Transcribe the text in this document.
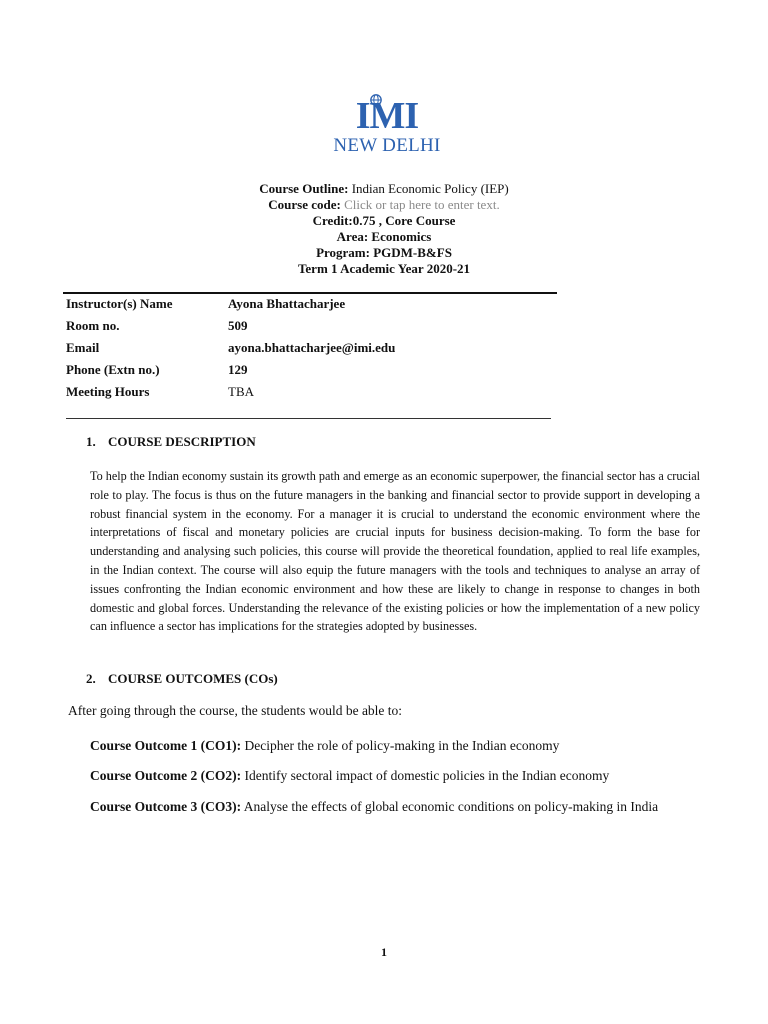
IMI
NEW DELHI
Course Outline: Indian Economic Policy (IEP)
Course code: Click or tap here to enter text.
Credit:0.75 , Core Course
Area: Economics
Program: PGDM-B&FS
Term 1 Academic Year 2020-21
Instructor(s) Name	Ayona Bhattacharjee
Room no.	509
Email	ayona.bhattacharjee@imi.edu
Phone (Extn no.)	129
Meeting Hours	TBA
1. COURSE DESCRIPTION

To help the Indian economy sustain its growth path and emerge as an economic superpower, the financial sector has a crucial role to play. The focus is thus on the future managers in the banking and financial sector to provide support in developing a robust financial system in the economy. For a manager it is crucial to understand the economic environment where the interpretations of fiscal and monetary policies are crucial inputs for business decision-making. To form the base for understanding and analysing such policies, this course will provide the theoretical foundation, applied to real life examples, in the Indian context. The course will also equip the future managers with the tools and techniques to analyse an array of issues confronting the Indian economic environment and how these are likely to change in response to changes in both domestic and global forces. Understanding the relevance of the existing policies or how the implementation of a new policy can influence a sector has implications for the strategies adopted by businesses.

2. COURSE OUTCOMES (COs)
After going through the course, the students would be able to:
Course Outcome 1 (CO1): Decipher the role of policy-making in the Indian economy
Course Outcome 2 (CO2): Identify sectoral impact of domestic policies in the Indian economy
Course Outcome 3 (CO3): Analyse the effects of global economic conditions on policy-making in India
1
